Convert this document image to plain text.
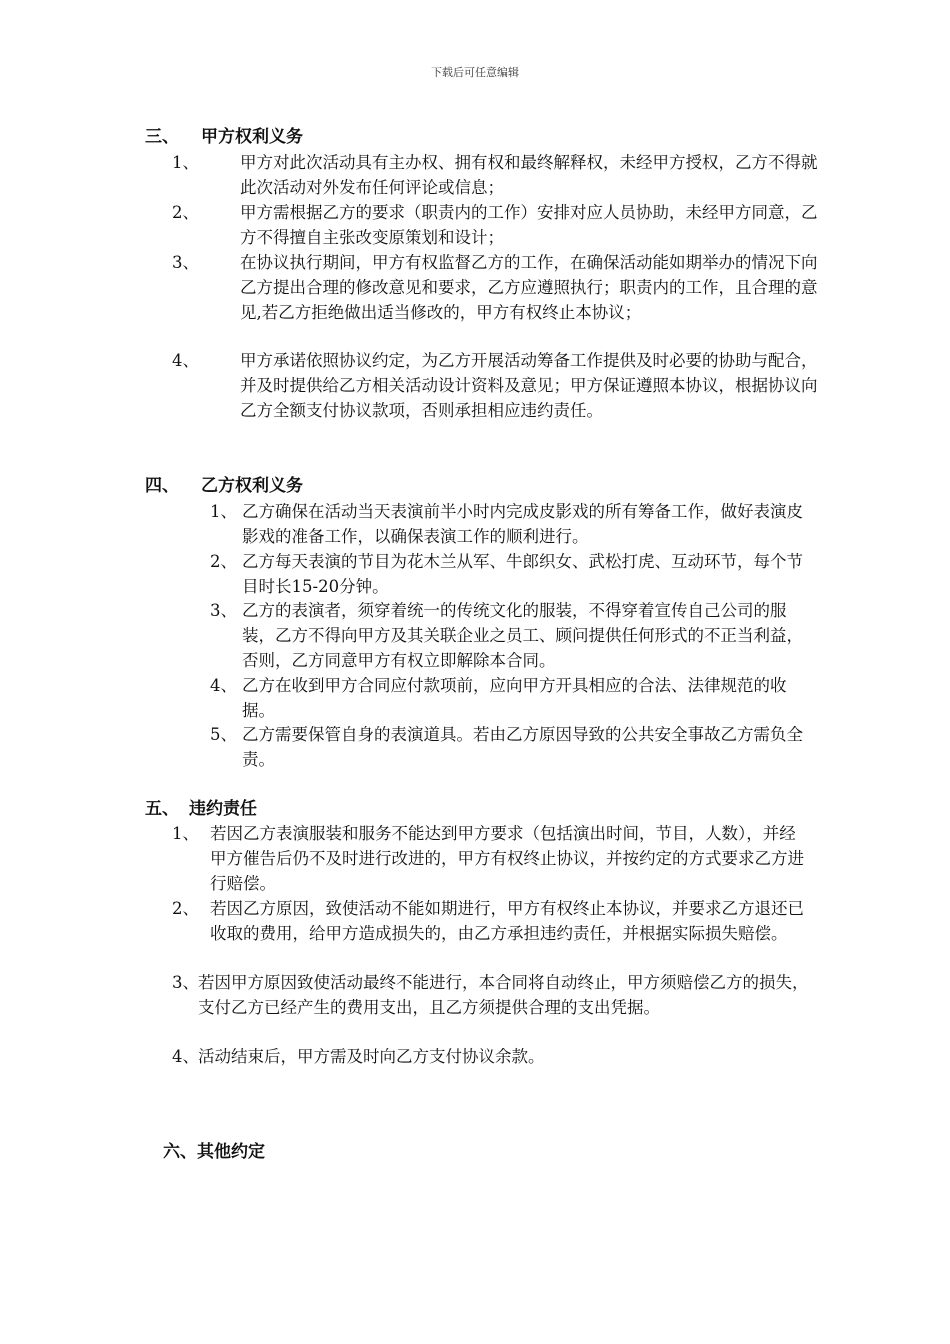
下载后可任意编辑
三、 甲方权利义务
1、 甲方对此次活动具有主办权、拥有权和最终解释权，未经甲方授权，乙方不得就此次活动对外发布任何评论或信息；
2、 甲方需根据乙方的要求（职责内的工作）安排对应人员协助，未经甲方同意，乙方不得擅自主张改变原策划和设计；
3、 在协议执行期间，甲方有权监督乙方的工作，在确保活动能如期举办的情况下向乙方提出合理的修改意见和要求，乙方应遵照执行；职责内的工作，且合理的意见,若乙方拒绝做出适当修改的，甲方有权终止本协议；
4、 甲方承诺依照协议约定，为乙方开展活动筹备工作提供及时必要的协助与配合，并及时提供给乙方相关活动设计资料及意见；甲方保证遵照本协议，根据协议向乙方全额支付协议款项，否则承担相应违约责任。
四、 乙方权利义务
1、 乙方确保在活动当天表演前半小时内完成皮影戏的所有筹备工作，做好表演皮影戏的准备工作，以确保表演工作的顺利进行。
2、 乙方每天表演的节目为花木兰从军、牛郎织女、武松打虎、互动环节，每个节目时长15-20分钟。
3、 乙方的表演者，须穿着统一的传统文化的服装，不得穿着宣传自己公司的服装，乙方不得向甲方及其关联企业之员工、顾问提供任何形式的不正当利益，否则，乙方同意甲方有权立即解除本合同。
4、 乙方在收到甲方合同应付款项前，应向甲方开具相应的合法、法律规范的收据。
5、 乙方需要保管自身的表演道具。若由乙方原因导致的公共安全事故乙方需负全责。
五、 违约责任
1、 若因乙方表演服装和服务不能达到甲方要求（包括演出时间，节目，人数），并经甲方催告后仍不及时进行改进的，甲方有权终止协议，并按约定的方式要求乙方进行赔偿。
2、 若因乙方原因，致使活动不能如期进行，甲方有权终止本协议，并要求乙方退还已收取的费用，给甲方造成损失的，由乙方承担违约责任，并根据实际损失赔偿。
3、 若因甲方原因致使活动最终不能进行，本合同将自动终止，甲方须赔偿乙方的损失，支付乙方已经产生的费用支出，且乙方须提供合理的支出凭据。
4、 活动结束后，甲方需及时向乙方支付协议余款。
六、其他约定
